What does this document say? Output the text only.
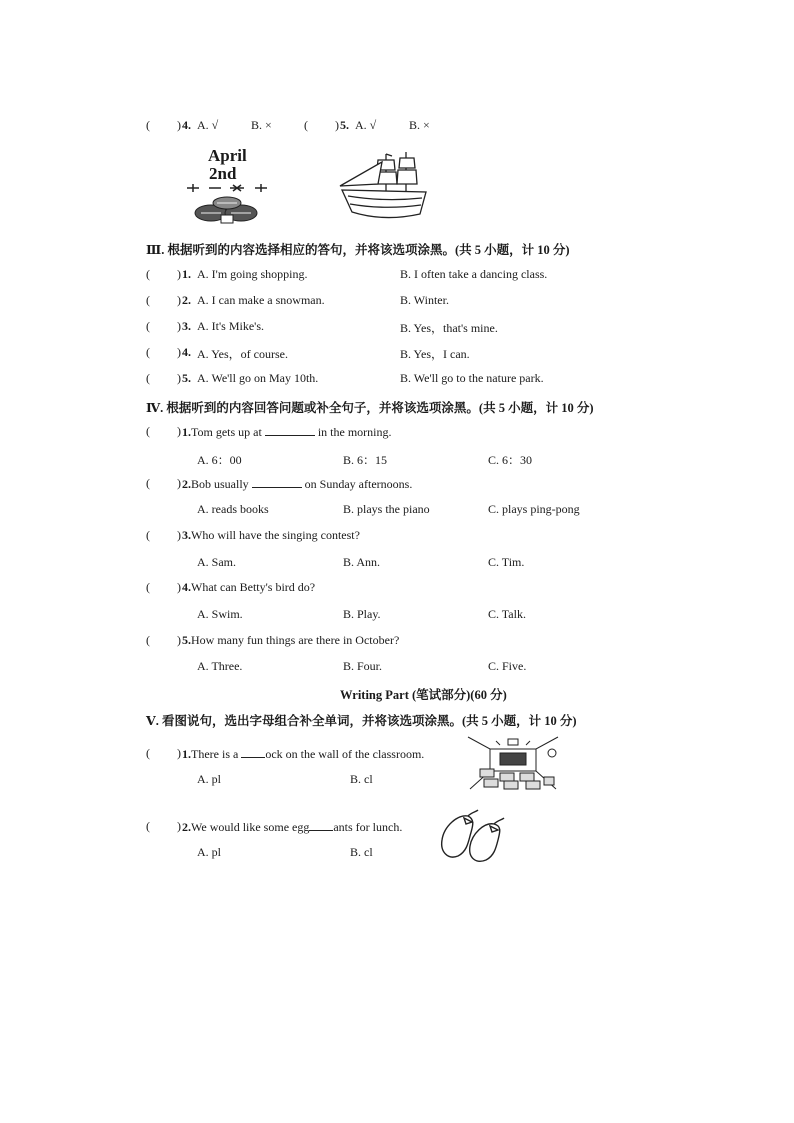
( ) 4. A. √	B. ×	( ) 5. A. √	B. ×
April
2nd
Ⅲ. 根据听到的内容选择相应的答句，并将该选项涂黑。(共 5 小题，计 10 分)
( ) 1. A. I'm going shopping.	B. I often take a dancing class.
( ) 2. A. I can make a snowman.	B. Winter.
( ) 3. A. It's Mike's.	B. Yes，that's mine.
( ) 4. A. Yes，of course.	B. Yes，I can.
( ) 5. A. We'll go on May 10th.	B. We'll go to the nature park.
Ⅳ. 根据听到的内容回答问题或补全句子，并将该选项涂黑。(共 5 小题，计 10 分)
( ) 1.Tom gets up at	in the morning.
A. 6：00	B. 6：15	C. 6：30
( ) 2.Bob usually	on Sunday afternoons.
A. reads books	B. plays the piano	C. plays ping-pong
( ) 3.Who will have the singing contest?
A. Sam.	B. Ann.	C. Tim.
( ) 4.What can Betty's bird do?
A. Swim.	B. Play.	C. Talk.
( ) 5.How many fun things are there in October?
A. Three.	B. Four.	C. Five.
Writing Part (笔试部分)(60 分)
Ⅴ. 看图说句，选出字母组合补全单词，并将该选项涂黑。(共 5 小题，计 10 分)
( ) 1.There is a ock on the wall of the classroom.
A. pl	B. cl
( ) 2.We would like some egg ants for lunch.
A. pl	B. cl
